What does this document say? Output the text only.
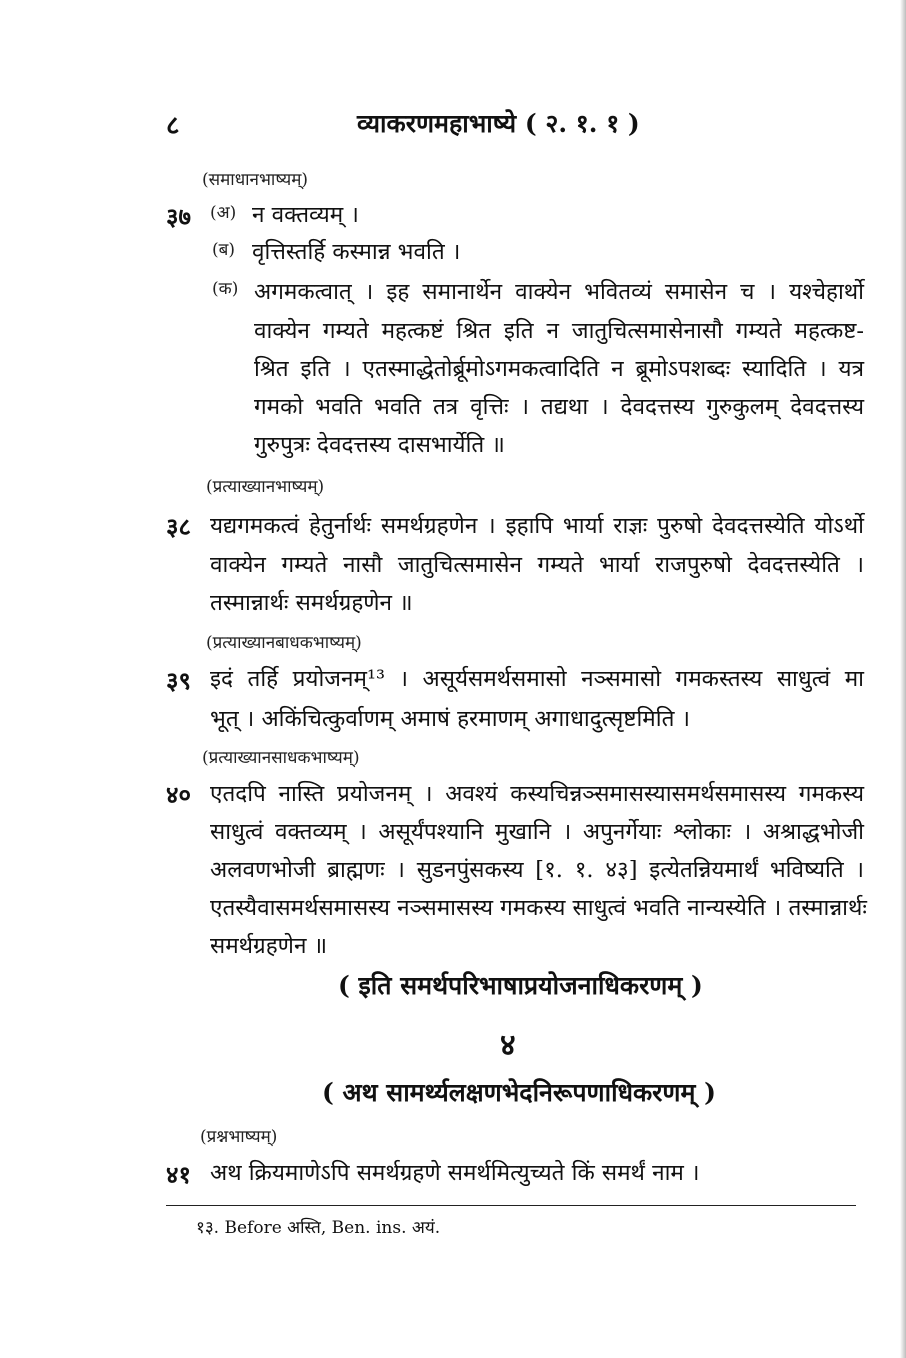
८	व्याकरणमहाभाष्ये ( २. १. १ )
(समाधानभाष्यम्)
३७ (अ) न वक्तव्यम् ।
(ब) वृत्तिस्तर्हि कस्मान्न भवति ।
(क) अगमकत्वात् । इह समानार्थेन वाक्येन भवितव्यं समासेन च । यश्चेहार्थो
वाक्येन गम्यते महत्कष्टं श्रित इति न जातुचित्समासेनासौ गम्यते महत्कष्ट-
श्रित इति । एतस्माद्धेतोर्ब्रूमोऽगमकत्वादिति न ब्रूमोऽपशब्दः स्यादिति । यत्र
गमको भवति भवति तत्र वृत्तिः । तद्यथा । देवदत्तस्य गुरुकुलम् देवदत्तस्य
गुरुपुत्रः देवदत्तस्य दासभार्येति ॥
(प्रत्याख्यानभाष्यम्)
३८ यद्यगमकत्वं हेतुर्नार्थः समर्थग्रहणेन । इहापि भार्या राज्ञः पुरुषो देवदत्तस्येति योऽर्थो
वाक्येन गम्यते नासौ जातुचित्समासेन गम्यते भार्या राजपुरुषो देवदत्तस्येति ।
तस्मान्नार्थः समर्थग्रहणेन ॥
(प्रत्याख्यानबाधकभाष्यम्)
३९ इदं तर्हि प्रयोजनम्¹³ । असूर्यसमर्थसमासो नञ्समासो गमकस्तस्य साधुत्वं मा
भूत् । अकिंचित्कुर्वाणम् अमाषं हरमाणम् अगाधादुत्सृष्टमिति ।
(प्रत्याख्यानसाधकभाष्यम्)
४० एतदपि नास्ति प्रयोजनम् । अवश्यं कस्यचिन्नञ्समासस्यासमर्थसमासस्य गमकस्य
साधुत्वं वक्तव्यम् । असूर्यंपश्यानि मुखानि । अपुनर्गेयाः श्लोकाः । अश्राद्धभोजी
अलवणभोजी ब्राह्मणः । सुडनपुंसकस्य [१. १. ४३] इत्येतन्नियमार्थं भविष्यति ।
एतस्यैवासमर्थसमासस्य नञ्समासस्य गमकस्य साधुत्वं भवति नान्यस्येति । तस्मान्नार्थः
समर्थग्रहणेन ॥
( इति समर्थपरिभाषाप्रयोजनाधिकरणम् )
४
( अथ सामर्थ्यलक्षणभेदनिरूपणाधिकरणम् )
(प्रश्नभाष्यम्)
४१ अथ क्रियमाणेऽपि समर्थग्रहणे समर्थमित्युच्यते किं समर्थं नाम ।
१३. Before अस्ति, Ben. ins. अयं.
